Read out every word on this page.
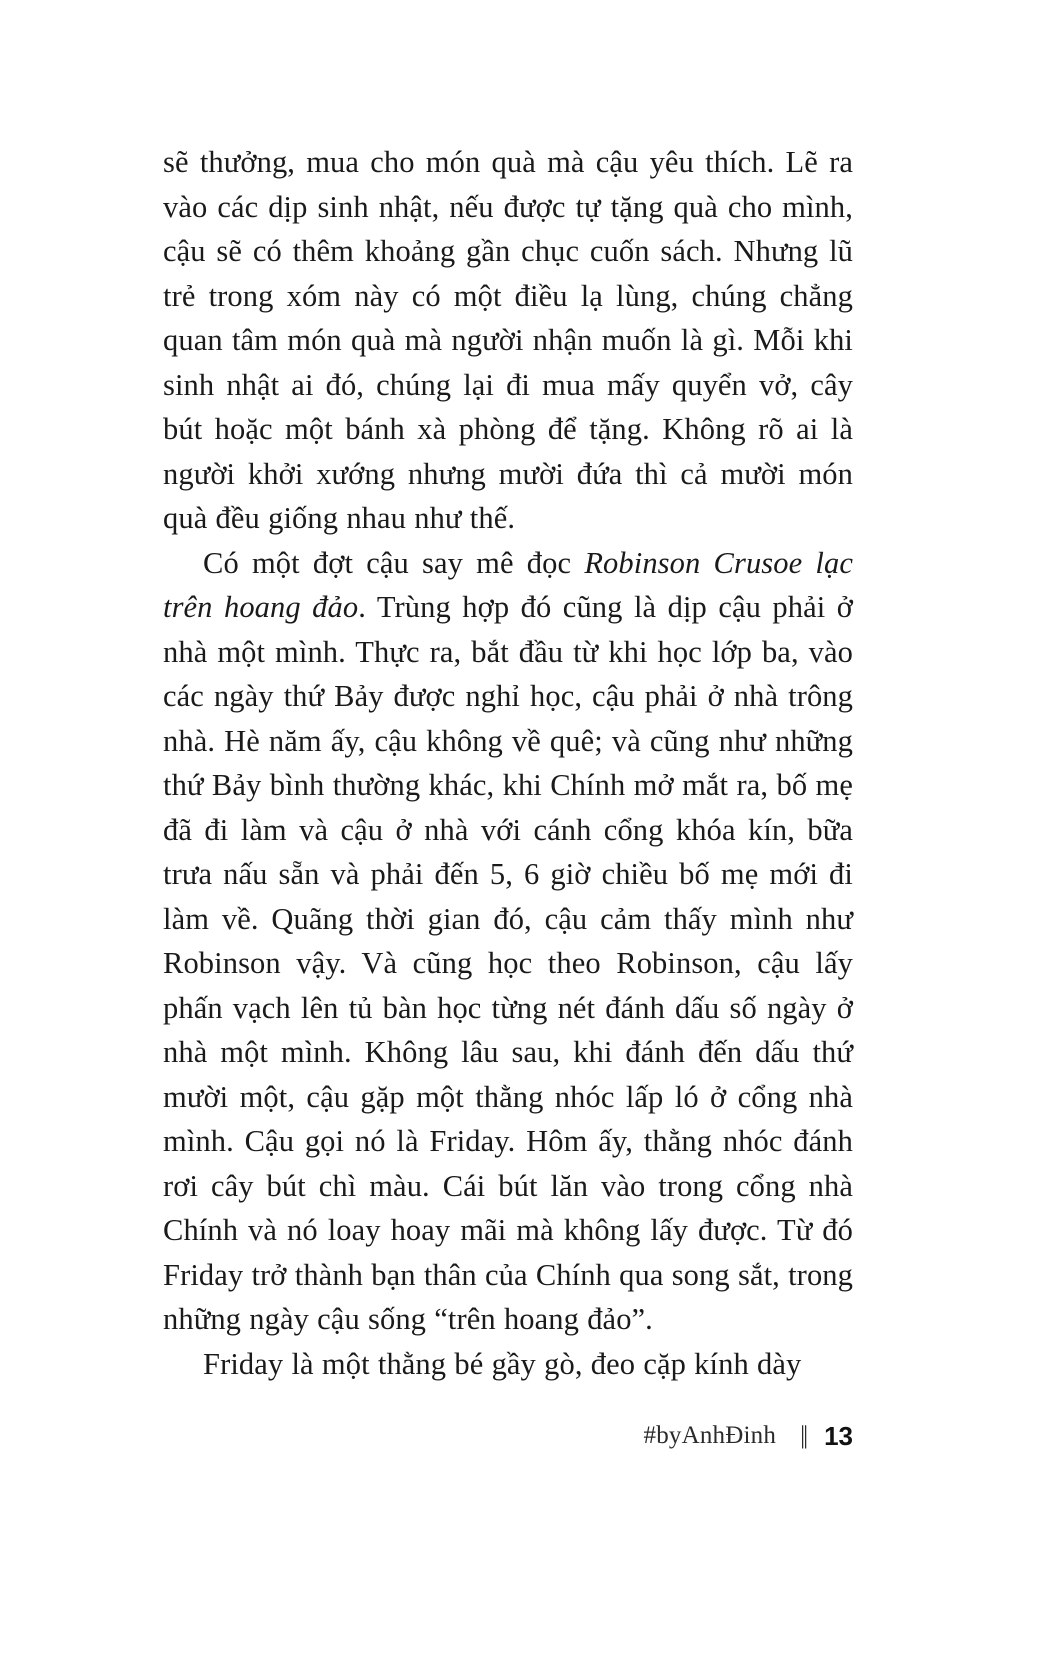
sẽ thưởng, mua cho món quà mà cậu yêu thích. Lẽ ra vào các dịp sinh nhật, nếu được tự tặng quà cho mình, cậu sẽ có thêm khoảng gần chục cuốn sách. Nhưng lũ trẻ trong xóm này có một điều lạ lùng, chúng chẳng quan tâm món quà mà người nhận muốn là gì. Mỗi khi sinh nhật ai đó, chúng lại đi mua mấy quyển vở, cây bút hoặc một bánh xà phòng để tặng. Không rõ ai là người khởi xướng nhưng mười đứa thì cả mười món quà đều giống nhau như thế.

Có một đợt cậu say mê đọc Robinson Crusoe lạc trên hoang đảo. Trùng hợp đó cũng là dịp cậu phải ở nhà một mình. Thực ra, bắt đầu từ khi học lớp ba, vào các ngày thứ Bảy được nghỉ học, cậu phải ở nhà trông nhà. Hè năm ấy, cậu không về quê; và cũng như những thứ Bảy bình thường khác, khi Chính mở mắt ra, bố mẹ đã đi làm và cậu ở nhà với cánh cổng khóa kín, bữa trưa nấu sẵn và phải đến 5, 6 giờ chiều bố mẹ mới đi làm về. Quãng thời gian đó, cậu cảm thấy mình như Robinson vậy. Và cũng học theo Robinson, cậu lấy phấn vạch lên tủ bàn học từng nét đánh dấu số ngày ở nhà một mình. Không lâu sau, khi đánh đến dấu thứ mười một, cậu gặp một thằng nhóc lấp ló ở cổng nhà mình. Cậu gọi nó là Friday. Hôm ấy, thằng nhóc đánh rơi cây bút chì màu. Cái bút lăn vào trong cổng nhà Chính và nó loay hoay mãi mà không lấy được. Từ đó Friday trở thành bạn thân của Chính qua song sắt, trong những ngày cậu sống “trên hoang đảo”.

Friday là một thằng bé gầy gò, đeo cặp kính dày

#byAnhĐinh || 13
